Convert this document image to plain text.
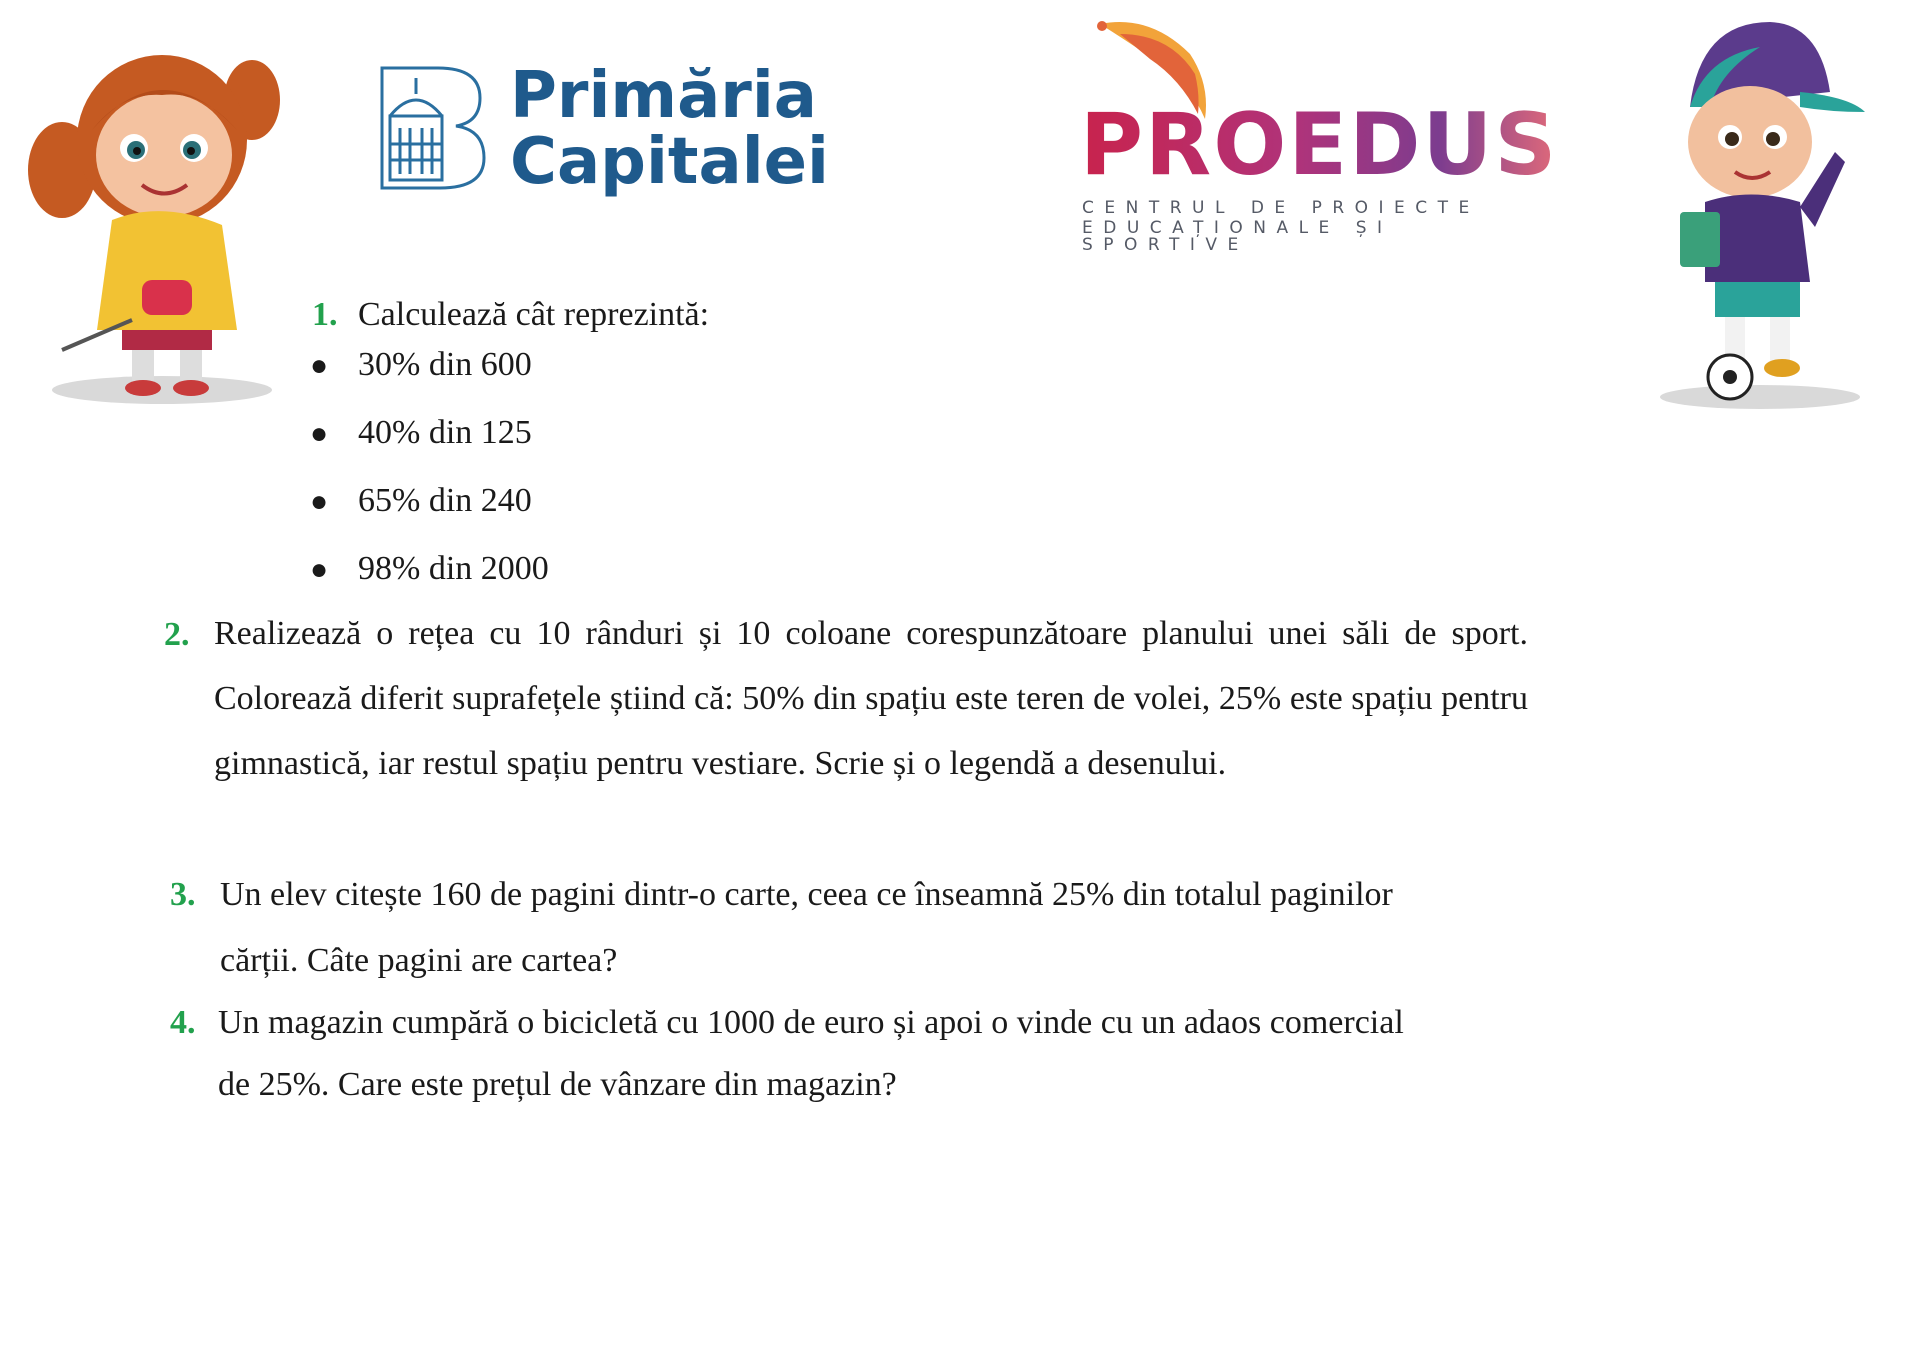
Primăria
Capitalei	PROEDUS
CENTRUL DE PROIECTE
EDUCAȚIONALE ȘI SPORTIVE
1. Calculează cât reprezintă:
● 30% din 600
● 40% din 125
● 65% din 240
● 98% din 2000
2. Realizează o rețea cu 10 rânduri și 10 coloane corespunzătoare planului unei săli de sport. Colorează diferit suprafețele știind că: 50% din spațiu este teren de volei, 25% este spațiu pentru gimnastică, iar restul spațiu pentru vestiare. Scrie și o legendă a desenului.
3. Un elev citește 160 de pagini dintr-o carte, ceea ce înseamnă 25% din totalul paginilor
cărții. Câte pagini are cartea?
4. Un magazin cumpără o bicicletă cu 1000 de euro și apoi o vinde cu un adaos comercial
de 25%. Care este prețul de vânzare din magazin?
